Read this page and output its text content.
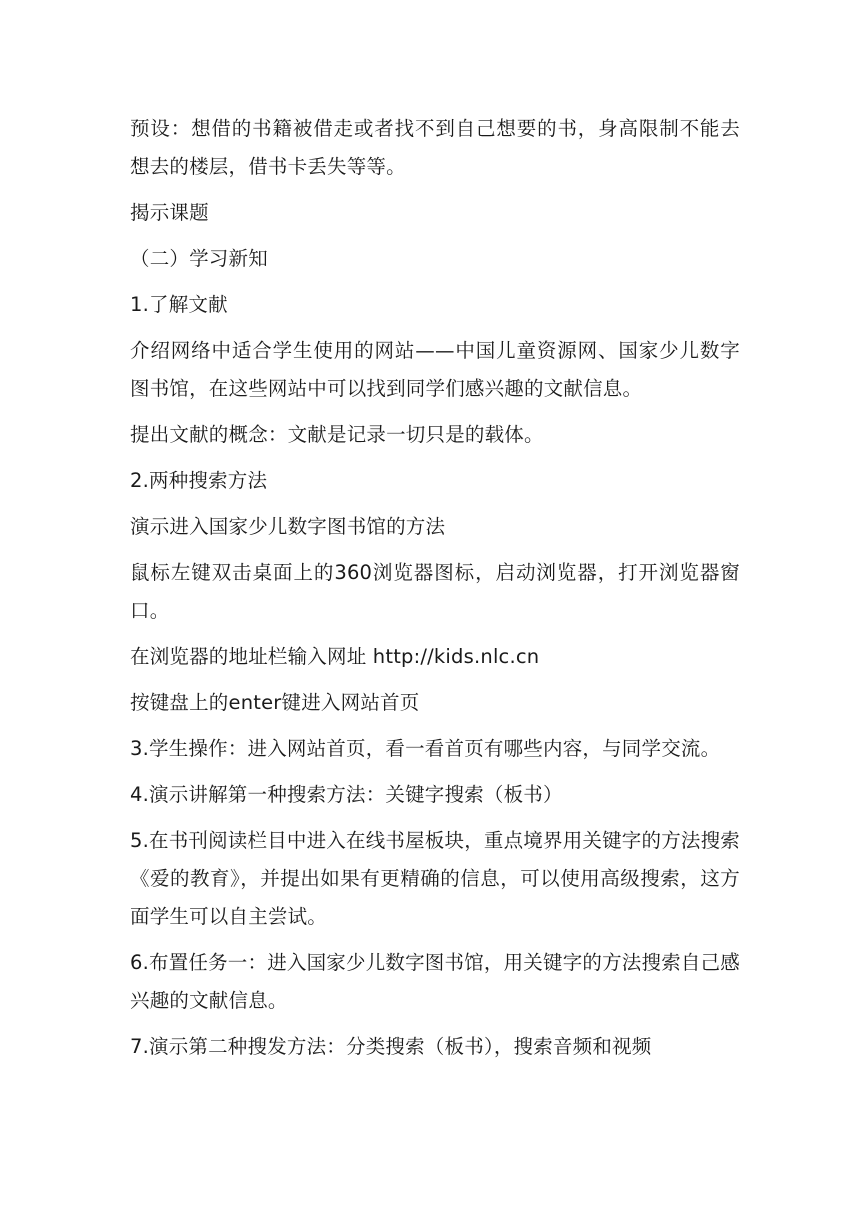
预设：想借的书籍被借走或者找不到自己想要的书，身高限制不能去想去的楼层，借书卡丢失等等。

揭示课题

（二）学习新知

1.了解文献

介绍网络中适合学生使用的网站——中国儿童资源网、国家少儿数字图书馆，在这些网站中可以找到同学们感兴趣的文献信息。

提出文献的概念：文献是记录一切只是的载体。

2.两种搜索方法

演示进入国家少儿数字图书馆的方法

鼠标左键双击桌面上的360浏览器图标，启动浏览器，打开浏览器窗口。

在浏览器的地址栏输入网址 http://kids.nlc.cn

按键盘上的enter键进入网站首页

3.学生操作：进入网站首页，看一看首页有哪些内容，与同学交流。

4.演示讲解第一种搜索方法：关键字搜索（板书）

5.在书刊阅读栏目中进入在线书屋板块，重点境界用关键字的方法搜索《爱的教育》，并提出如果有更精确的信息，可以使用高级搜索，这方面学生可以自主尝试。

6.布置任务一：进入国家少儿数字图书馆，用关键字的方法搜索自己感兴趣的文献信息。

7.演示第二种搜发方法：分类搜索（板书），搜索音频和视频
